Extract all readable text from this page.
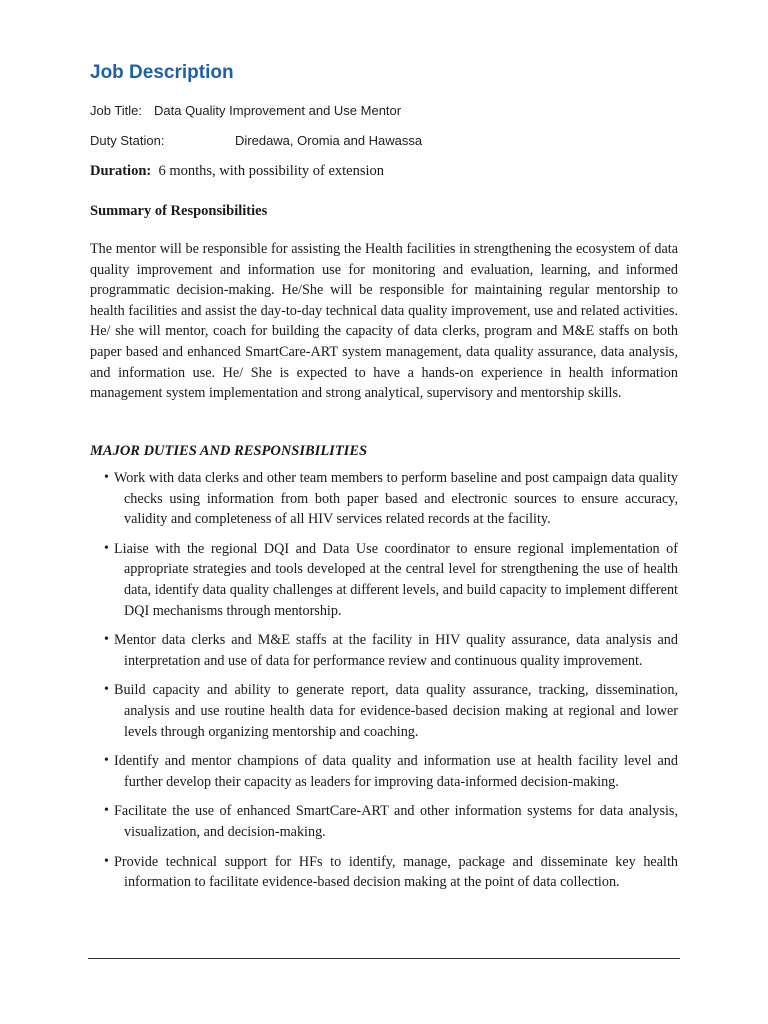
Job Description
Job Title: Data Quality Improvement and Use Mentor
Duty Station:	Diredawa, Oromia and Hawassa
Duration: 6 months, with possibility of extension
Summary of Responsibilities

The mentor will be responsible for assisting the Health facilities in strengthening the ecosystem of data quality improvement and information use for monitoring and evaluation, learning, and informed programmatic decision-making. He/She will be responsible for maintaining regular mentorship to health facilities and assist the day-to-day technical data quality improvement, use and related activities. He/ she will mentor, coach for building the capacity of data clerks, program and M&E staffs on both paper based and enhanced SmartCare-ART system management, data quality assurance, data analysis, and information use. He/ She is expected to have a hands-on experience in health information management system implementation and strong analytical, supervisory and mentorship skills.

MAJOR DUTIES AND RESPONSIBILITIES
• Work with data clerks and other team members to perform baseline and post campaign data quality checks using information from both paper based and electronic sources to ensure accuracy, validity and completeness of all HIV services related records at the facility.
• Liaise with the regional DQI and Data Use coordinator to ensure regional implementation of appropriate strategies and tools developed at the central level for strengthening the use of health data, identify data quality challenges at different levels, and build capacity to implement different DQI mechanisms through mentorship.
• Mentor data clerks and M&E staffs at the facility in HIV quality assurance, data analysis and interpretation and use of data for performance review and continuous quality improvement.
• Build capacity and ability to generate report, data quality assurance, tracking, dissemination, analysis and use routine health data for evidence-based decision making at regional and lower levels through organizing mentorship and coaching.
• Identify and mentor champions of data quality and information use at health facility level and further develop their capacity as leaders for improving data-informed decision-making.
• Facilitate the use of enhanced SmartCare-ART and other information systems for data analysis, visualization, and decision-making.
• Provide technical support for HFs to identify, manage, package and disseminate key health information to facilitate evidence-based decision making at the point of data collection.
